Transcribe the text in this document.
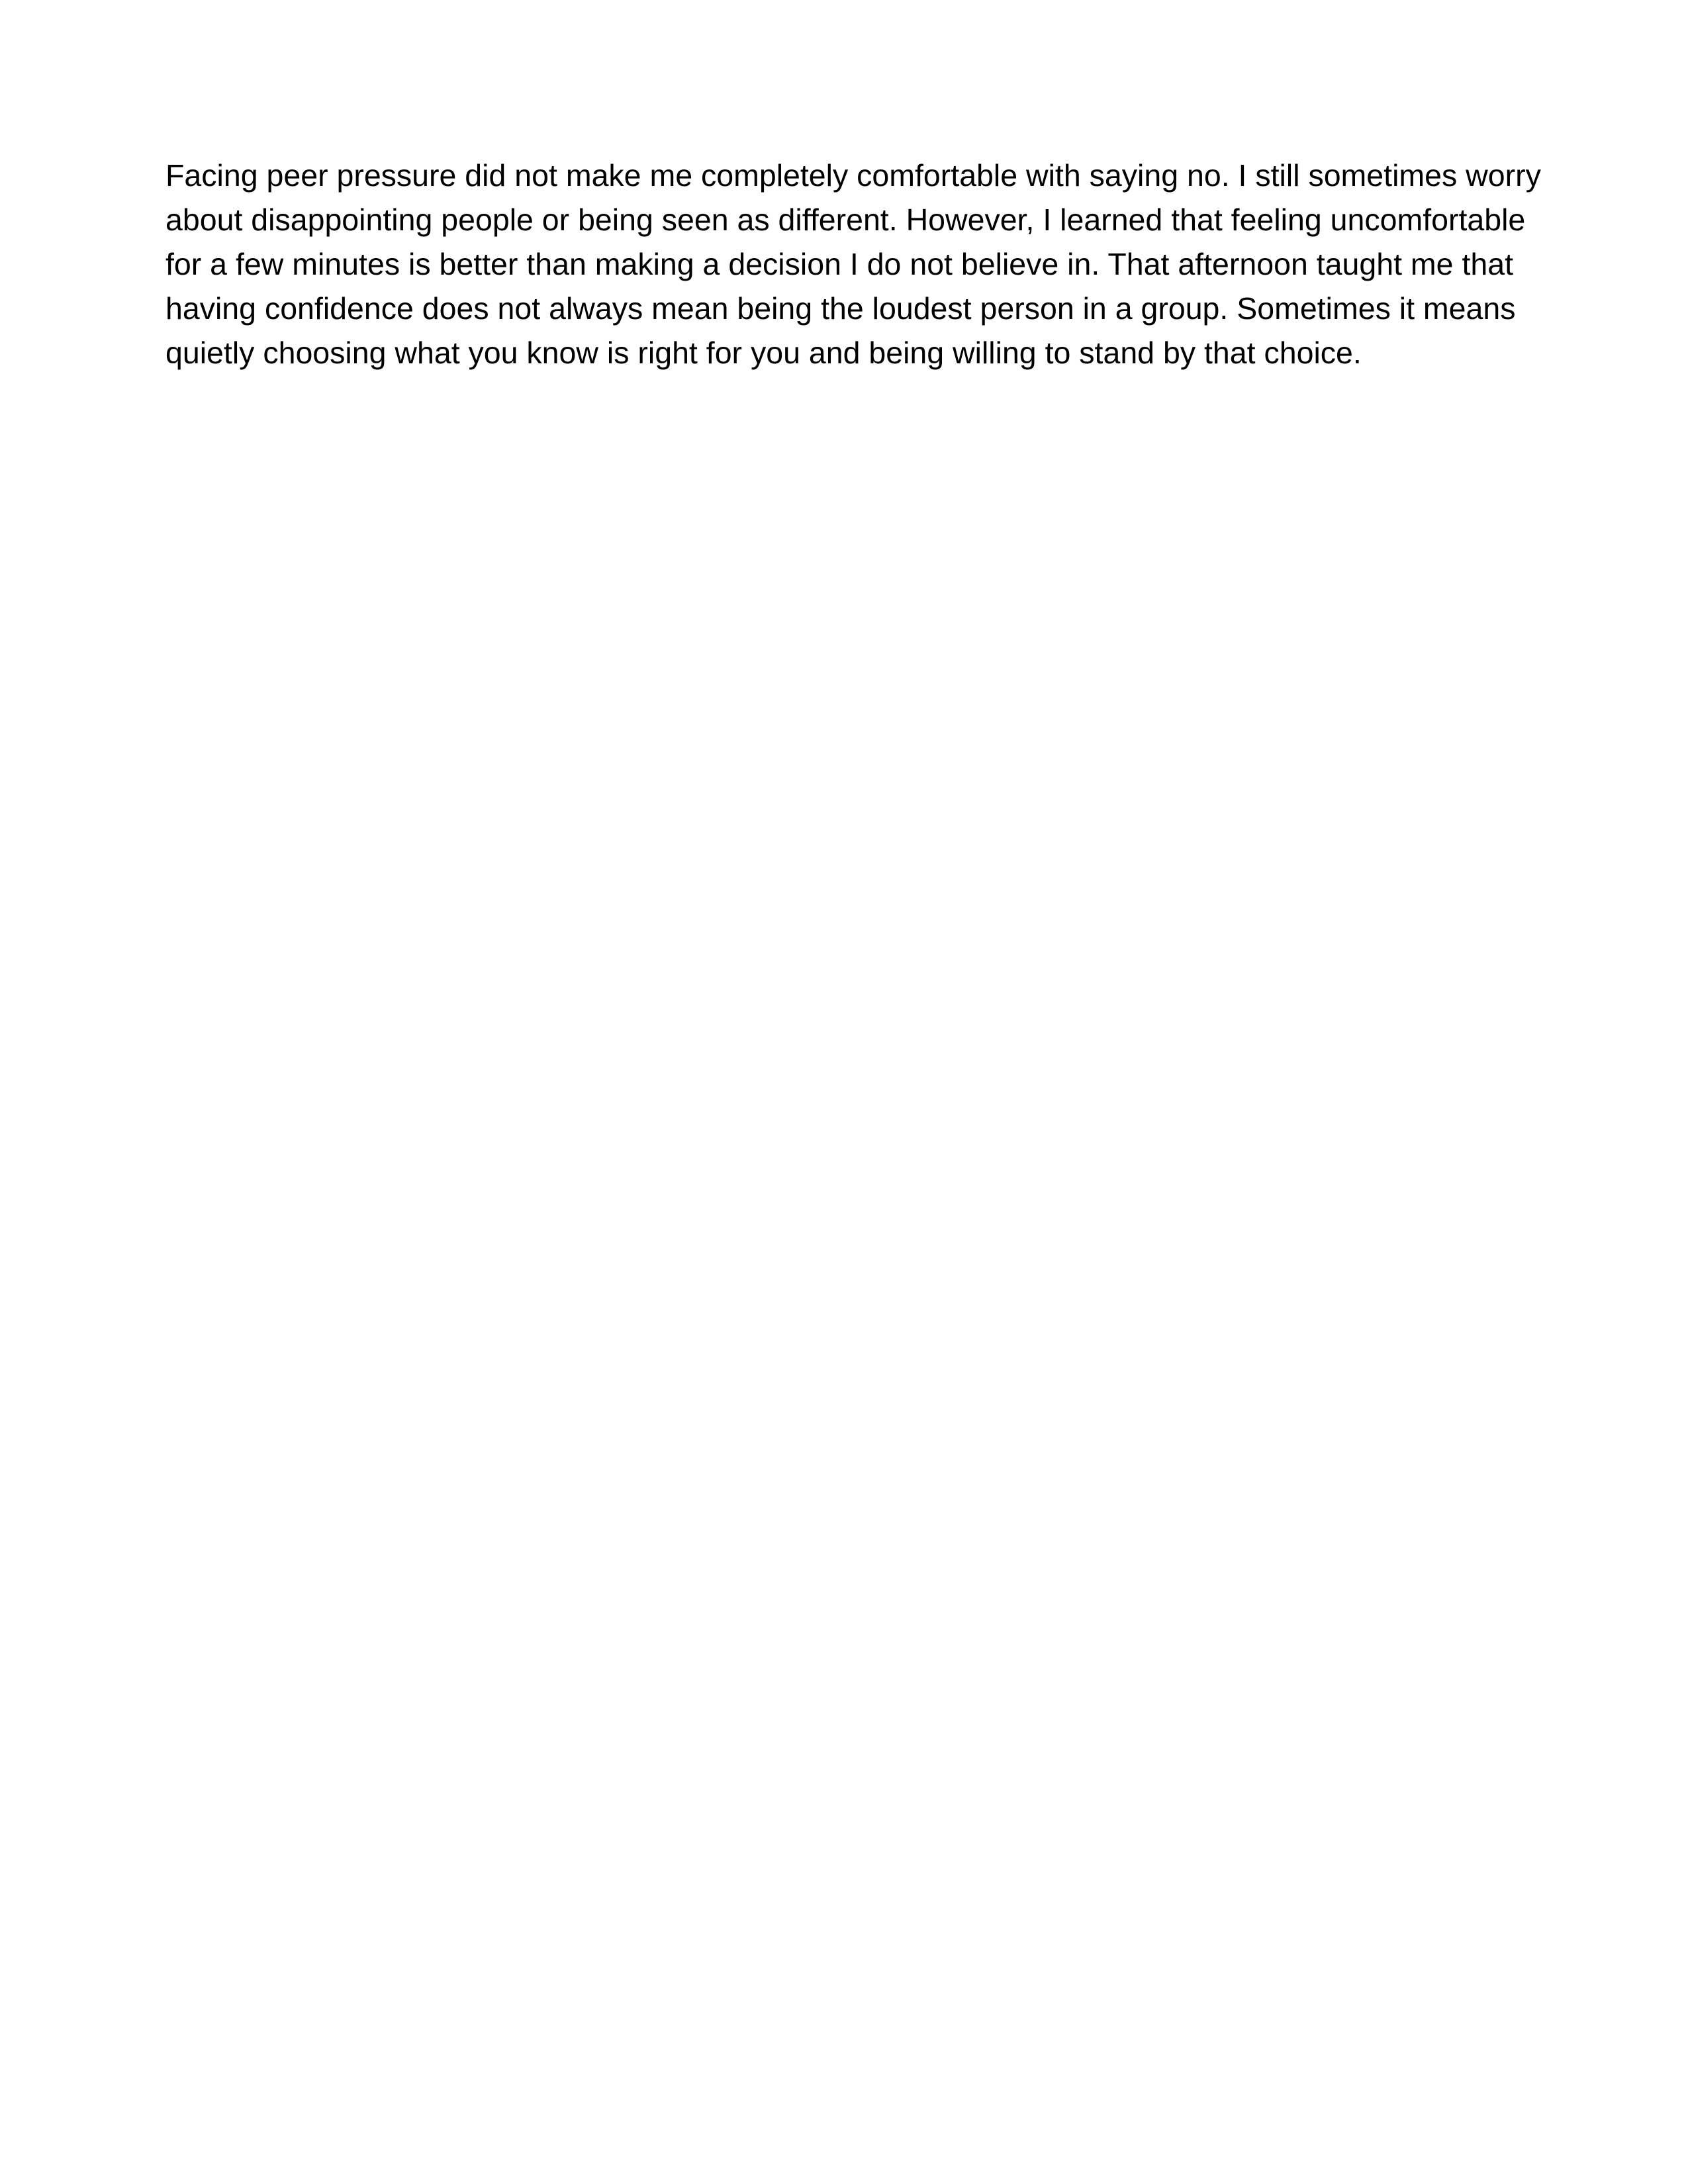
Facing peer pressure did not make me completely comfortable with saying no. I still sometimes worry
about disappointing people or being seen as different. However, I learned that feeling uncomfortable
for a few minutes is better than making a decision I do not believe in. That afternoon taught me that
having confidence does not always mean being the loudest person in a group. Sometimes it means
quietly choosing what you know is right for you and being willing to stand by that choice.
